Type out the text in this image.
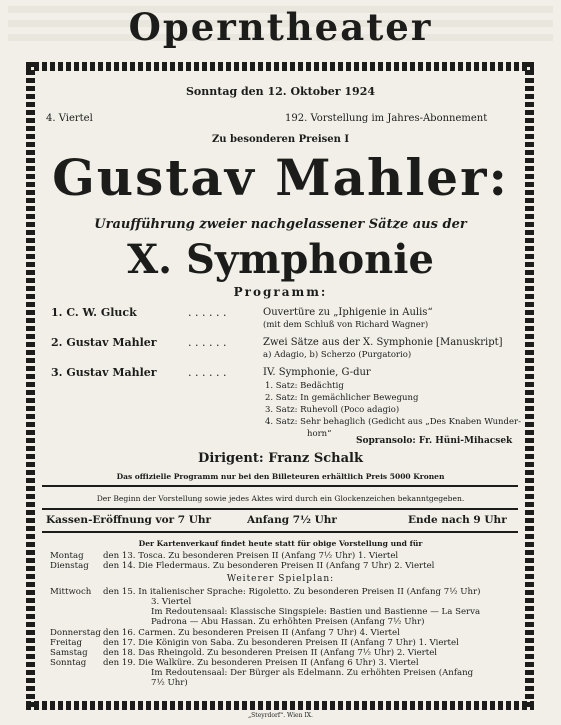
Operntheater
Sonntag den 12. Oktober 1924
4. Viertel	192. Vorstellung im Jahres-Abonnement
Zu besonderen Preisen I
Gustav Mahler:
Uraufführung zweier nachgelassener Sätze aus der
X. Symphonie
Programm:
1. C. W. Gluck	. . . . . .	Ouvertüre zu „Iphigenie in Aulis“
(mit dem Schluß von Richard Wagner)
2. Gustav Mahler	. . . . . .	Zwei Sätze aus der X. Symphonie [Manuskript]
a) Adagio, b) Scherzo (Purgatorio)
3. Gustav Mahler	. . . . . .	IV. Symphonie, G-dur
1. Satz: Bedächtig
2. Satz: In gemächlicher Bewegung
3. Satz: Ruhevoll (Poco adagio)
4. Satz: Sehr behaglich (Gedicht aus „Des Knaben Wunder-
horn“
Sopransolo: Fr. Hüni-Mihacsek
Dirigent: Franz Schalk
Das offizielle Programm nur bei den Billeteuren erhältlich Preis 5000 Kronen
Der Beginn der Vorstellung sowie jedes Aktes wird durch ein Glockenzeichen bekanntgegeben.
Kassen-Eröffnung vor 7 Uhr	Anfang 7½ Uhr	Ende nach 9 Uhr
Der Kartenverkauf findet heute statt für obige Vorstellung und für
Montag den 13. Tosca. Zu besonderen Preisen II (Anfang 7½ Uhr) 1. Viertel
Dienstag den 14. Die Fledermaus. Zu besonderen Preisen II (Anfang 7 Uhr) 2. Viertel
Weiterer Spielplan:
Mittwoch den 15. In italienischer Sprache: Rigoletto. Zu besonderen Preisen II (Anfang 7½ Uhr)
3. Viertel
Im Redoutensaal: Klassische Singspiele: Bastien und Bastienne — La Serva
Padrona — Abu Hassan. Zu erhöhten Preisen (Anfang 7½ Uhr)
Donnerstag den 16. Carmen. Zu besonderen Preisen II (Anfang 7 Uhr) 4. Viertel
Freitag den 17. Die Königin von Saba. Zu besonderen Preisen II (Anfang 7 Uhr) 1. Viertel
Samstag den 18. Das Rheingold. Zu besonderen Preisen II (Anfang 7½ Uhr) 2. Viertel
Sonntag den 19. Die Walküre. Zu besonderen Preisen II (Anfang 6 Uhr) 3. Viertel
Im Redoutensaal: Der Bürger als Edelmann. Zu erhöhten Preisen (Anfang
7½ Uhr)
„Steyrdorf“. Wien IX.
